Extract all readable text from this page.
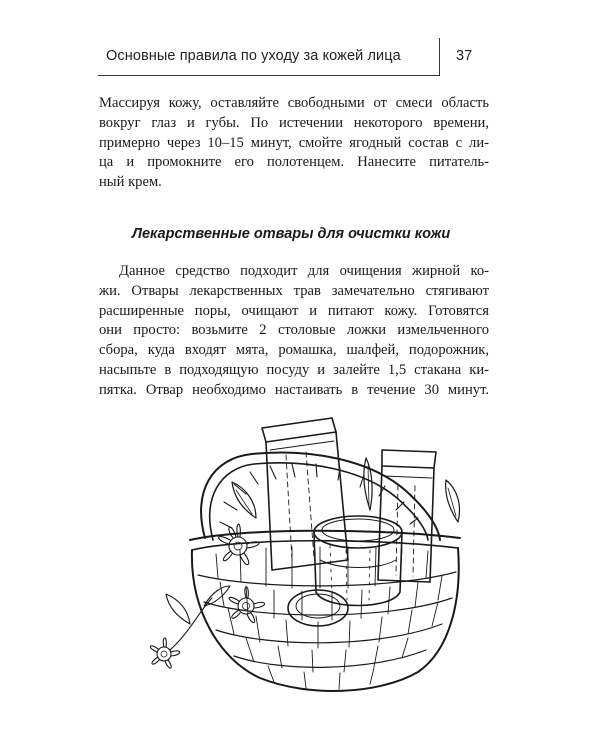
Основные правила по уходу за кожей лица	37
Массируя кожу, оставляйте свободными от смеси область
вокруг глаз и губы. По истечении некоторого времени,
примерно через 10–15 минут, смойте ягодный состав с ли-
ца и промокните его полотенцем. Нанесите питатель-
ный крем.
Лекарственные отвары для очистки кожи
Данное средство подходит для очищения жирной ко-
жи. Отвары лекарственных трав замечательно стягивают
расширенные поры, очищают и питают кожу. Готовятся
они просто: возьмите 2 столовые ложки измельченного
сбора, куда входят мята, ромашка, шалфей, подорожник,
насыпьте в подходящую посуду и залейте 1,5 стакана ки-
пятка. Отвар необходимо настаивать в течение 30 минут.
